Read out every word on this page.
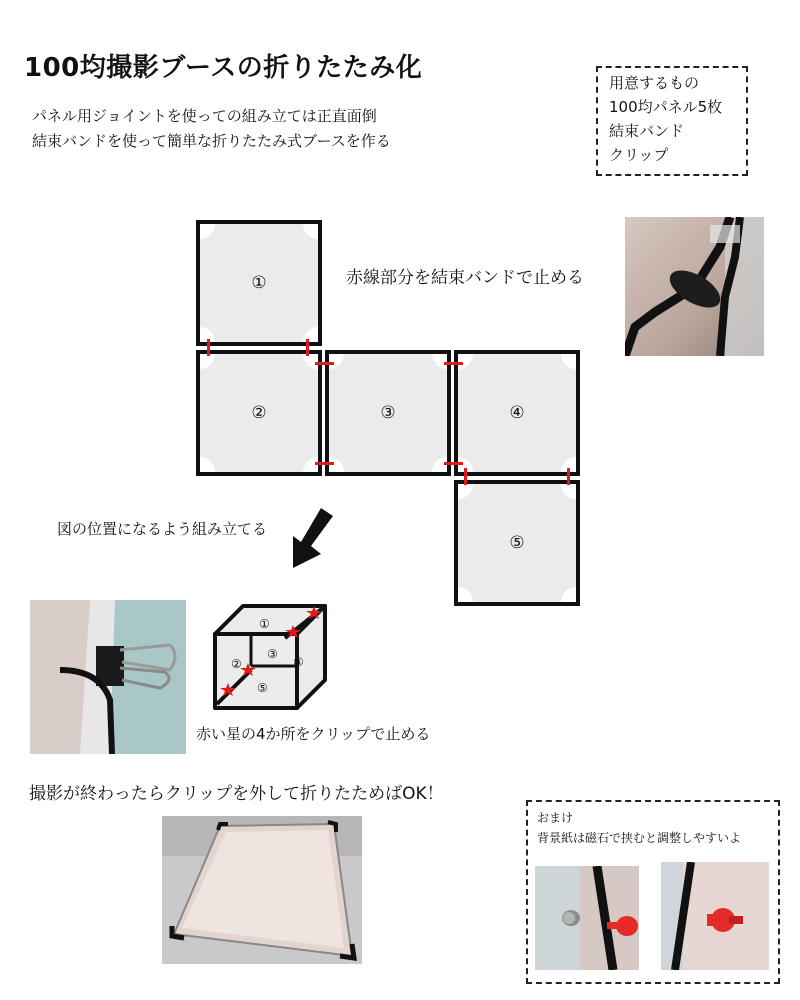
100均撮影ブースの折りたたみ化
パネル用ジョイントを使っての組み立ては正直面倒
結束バンドを使って簡単な折りたたみ式ブースを作る
用意するもの
100均パネル5枚
結束バンド
クリップ
①
②	③	④
⑤
赤線部分を結束バンドで止める
図の位置になるよう組み立てる
①
②
③
④
⑤
赤い星の4か所をクリップで止める
撮影が終わったらクリップを外して折りたためばOK！
おまけ
背景紙は磁石で挟むと調整しやすいよ
